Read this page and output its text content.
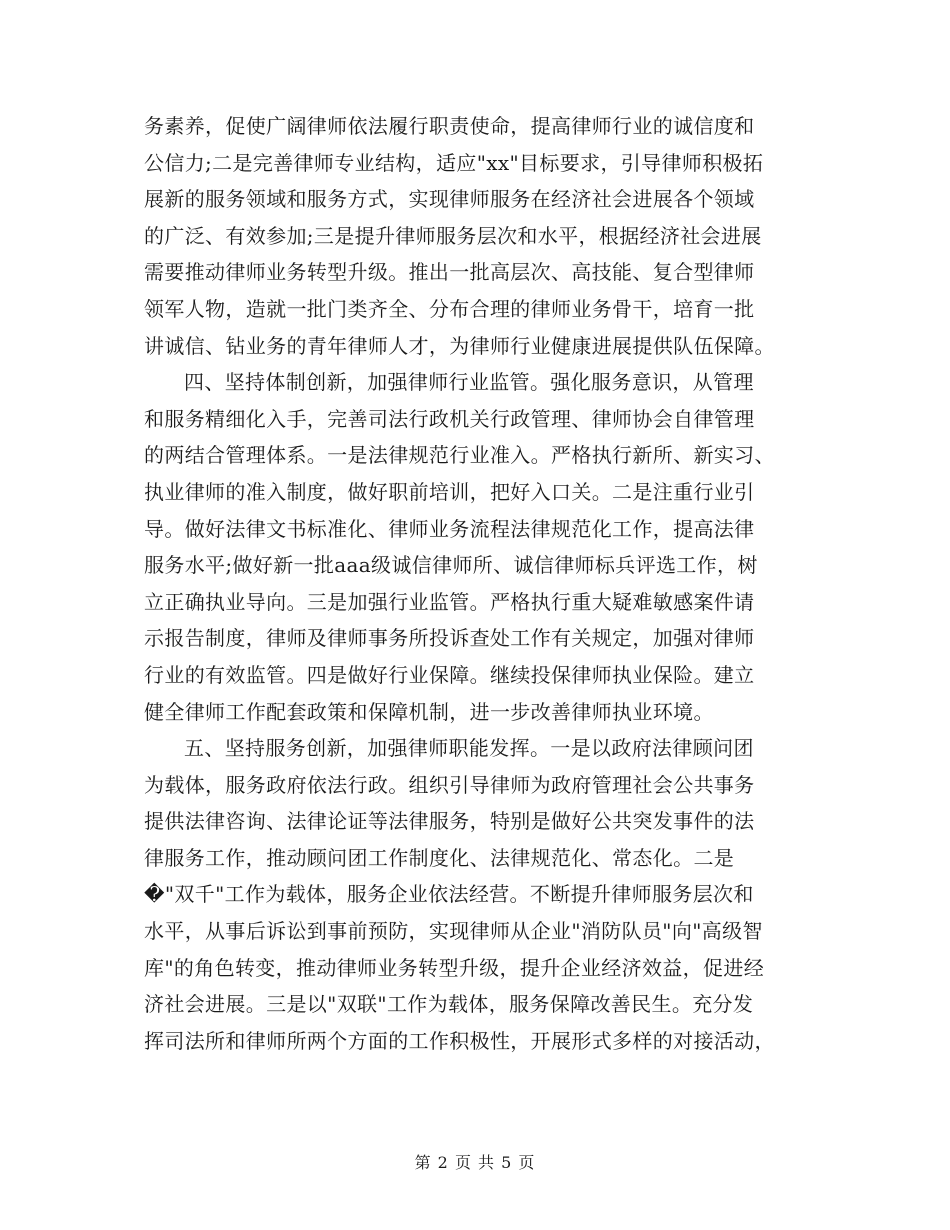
务素养，促使广阔律师依法履行职责使命，提高律师行业的诚信度和
公信力;二是完善律师专业结构，适应"xx"目标要求，引导律师积极拓
展新的服务领域和服务方式，实现律师服务在经济社会进展各个领域
的广泛、有效参加;三是提升律师服务层次和水平，根据经济社会进展
需要推动律师业务转型升级。推出一批高层次、高技能、复合型律师
领军人物，造就一批门类齐全、分布合理的律师业务骨干，培育一批
讲诚信、钻业务的青年律师人才，为律师行业健康进展提供队伍保障。
四、坚持体制创新，加强律师行业监管。强化服务意识，从管理
和服务精细化入手，完善司法行政机关行政管理、律师协会自律管理
的两结合管理体系。一是法律规范行业准入。严格执行新所、新实习、
执业律师的准入制度，做好职前培训，把好入口关。二是注重行业引
导。做好法律文书标准化、律师业务流程法律规范化工作，提高法律
服务水平;做好新一批aaa级诚信律师所、诚信律师标兵评选工作，树
立正确执业导向。三是加强行业监管。严格执行重大疑难敏感案件请
示报告制度，律师及律师事务所投诉查处工作有关规定，加强对律师
行业的有效监管。四是做好行业保障。继续投保律师执业保险。建立
健全律师工作配套政策和保障机制，进一步改善律师执业环境。
五、坚持服务创新，加强律师职能发挥。一是以政府法律顾问团
为载体，服务政府依法行政。组织引导律师为政府管理社会公共事务
提供法律咨询、法律论证等法律服务，特别是做好公共突发事件的法
律服务工作，推动顾问团工作制度化、法律规范化、常态化。二是
�"双千"工作为载体，服务企业依法经营。不断提升律师服务层次和
水平，从事后诉讼到事前预防，实现律师从企业"消防队员"向"高级智
库"的角色转变，推动律师业务转型升级，提升企业经济效益，促进经
济社会进展。三是以"双联"工作为载体，服务保障改善民生。充分发
挥司法所和律师所两个方面的工作积极性，开展形式多样的对接活动，
第 2 页 共 5 页
